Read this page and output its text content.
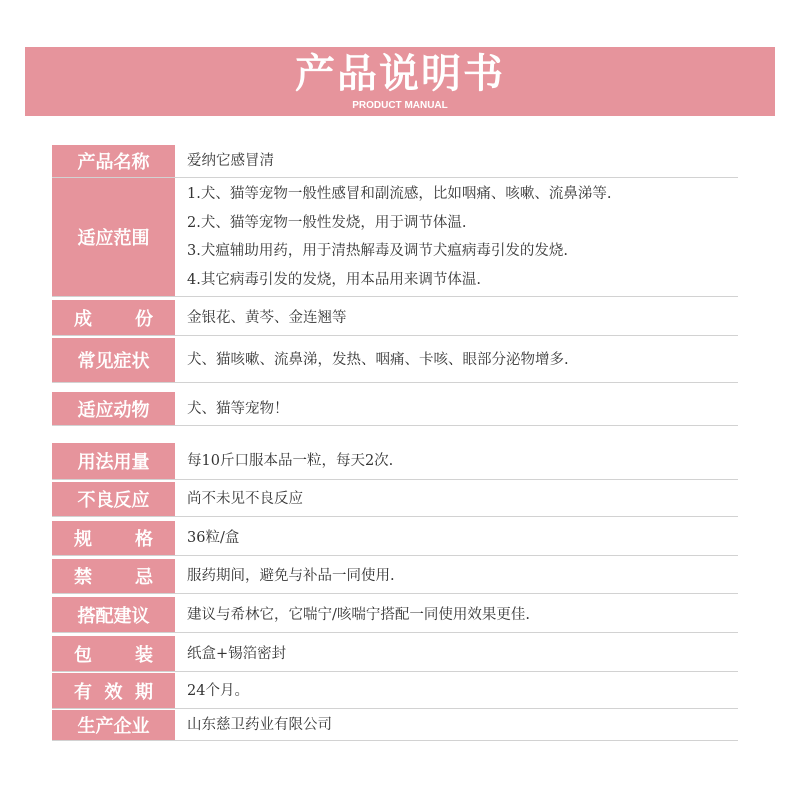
产品说明书
PRODUCT MANUAL
产品名称	爱纳它感冒清
适应范围
1.犬、猫等宠物一般性感冒和副流感，比如咽痛、咳嗽、流鼻涕等.
2.犬、猫等宠物一般性发烧，用于调节体温.
3.犬瘟辅助用药，用于清热解毒及调节犬瘟病毒引发的发烧.
4.其它病毒引发的发烧，用本品用来调节体温.
成 份 金银花、黄芩、金连翘等
常见症状	犬、猫咳嗽、流鼻涕，发热、咽痛、卡咳、眼部分泌物增多.
适应动物	犬、猫等宠物！
用法用量	每10斤口服本品一粒，每天2次.
不良反应	尚不未见不良反应
规 格 36粒/盒
禁 忌 服药期间，避免与补品一同使用.
搭配建议	建议与希林它，它喘宁/咳喘宁搭配一同使用效果更佳.
包 装 纸盒+锡箔密封
有 效 期 24个月。
生产企业	山东慈卫药业有限公司
